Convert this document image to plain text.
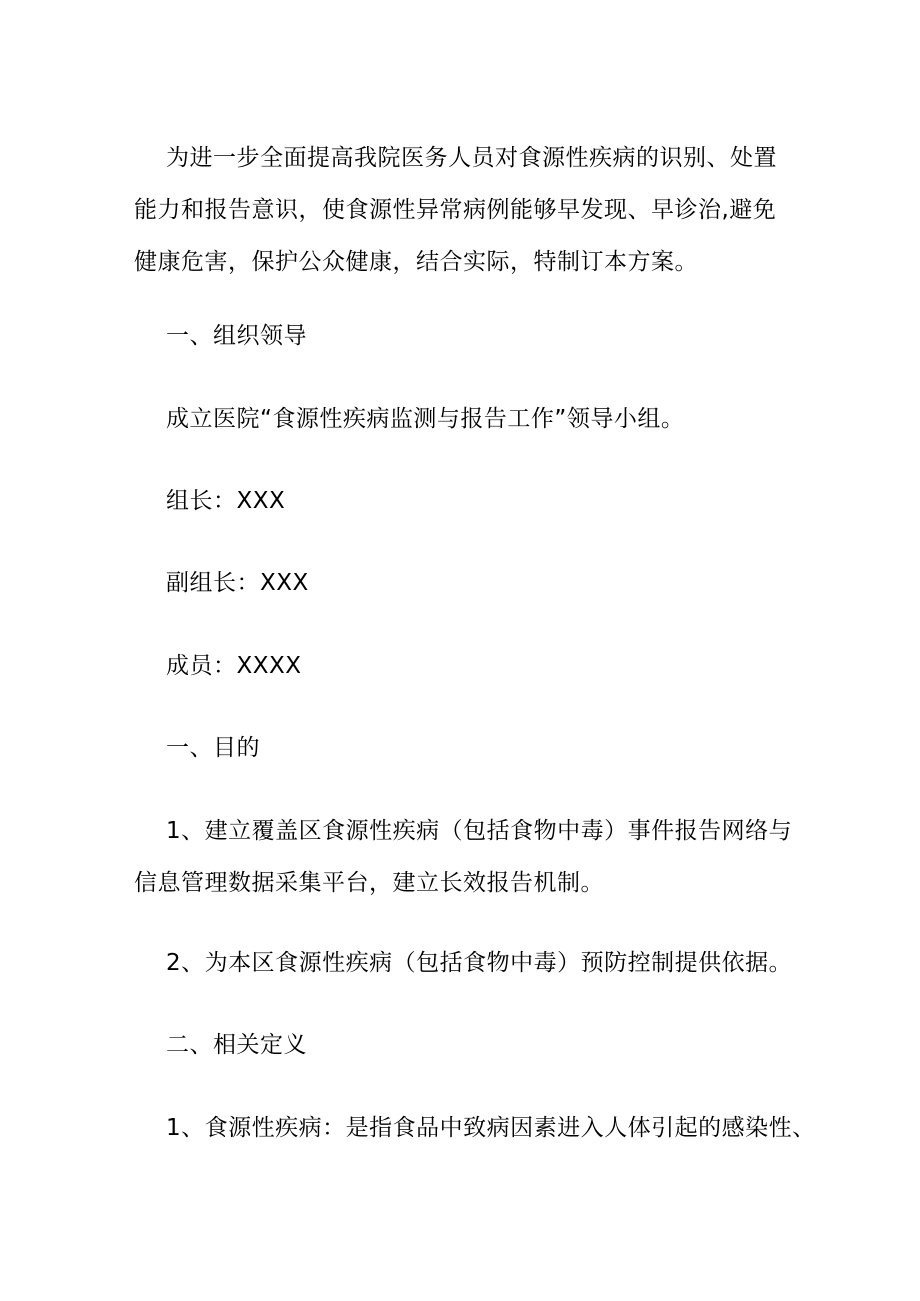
为进一步全面提高我院医务人员对食源性疾病的识别、处置
能力和报告意识，使食源性异常病例能够早发现、早诊治,避免
健康危害，保护公众健康，结合实际，特制订本方案。
一、组织领导
成立医院“食源性疾病监测与报告工作”领导小组。
组长：XXX
副组长：XXX
成员：XXXX
一、目的
1、建立覆盖区食源性疾病（包括食物中毒）事件报告网络与
信息管理数据采集平台，建立长效报告机制。
2、为本区食源性疾病（包括食物中毒）预防控制提供依据。
二、相关定义
1、食源性疾病：是指食品中致病因素进入人体引起的感染性、
